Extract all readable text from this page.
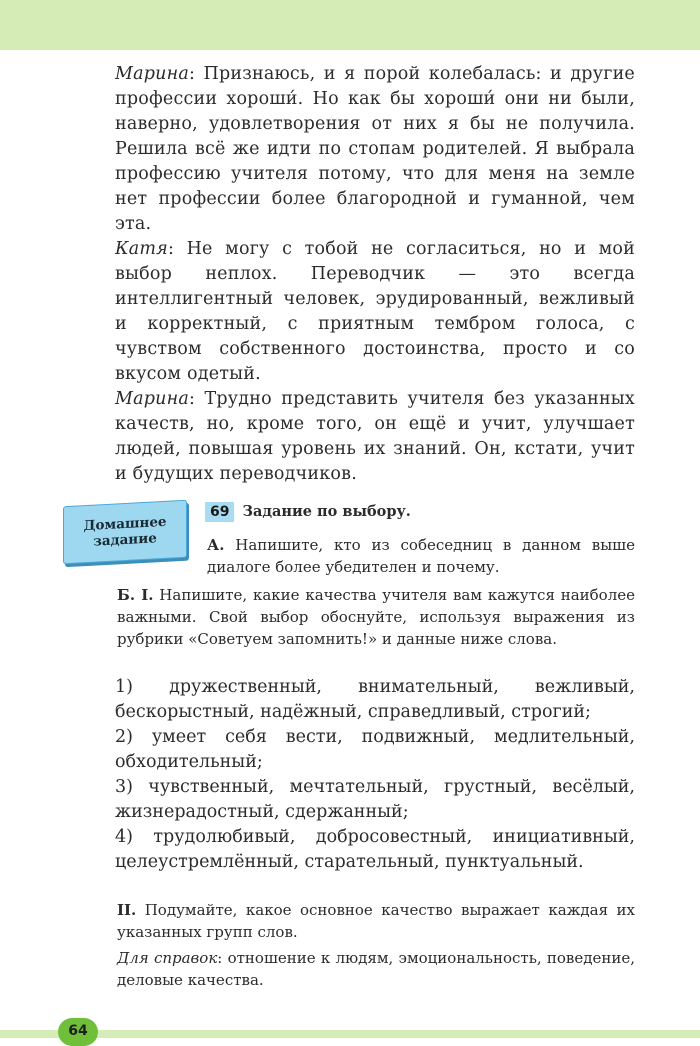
Марина: Признаюсь, и я порой колебалась: и другие профессии хороши́. Но как бы хороши́ они ни были, наверно, удовлетворения от них я бы не получила. Решила всё же идти по стопам родителей. Я выбрала профессию учителя потому, что для меня на земле нет профессии более благородной и гуманной, чем эта.

Катя: Не могу с тобой не согласиться, но и мой выбор неплох. Переводчик — это всегда интеллигентный человек, эрудированный, вежливый и корректный, с приятным тембром голоса, с чувством собственного достоинства, просто и со вкусом одетый.

Марина: Трудно представить учителя без указанных качеств, но, кроме того, он ещё и учит, улучшает людей, повышая уровень их знаний. Он, кстати, учит и будущих переводчиков.

Домашнее
задание
69 Задание по выбору.
А. Напишите, кто из собеседниц в данном выше диалоге более убедителен и почему.
Б. І. Напишите, какие качества учителя вам кажутся наиболее важными. Свой выбор обоснуйте, используя выражения из рубрики «Советуем запомнить!» и данные ниже слова.

1) дружественный, внимательный, вежливый, бескорыстный, надёжный, справедливый, строгий;

2) умеет себя вести, подвижный, медлительный, обходительный;

3) чувственный, мечтательный, грустный, весёлый, жизнерадостный, сдержанный;

4) трудолюбивый, добросовестный, инициативный, целеустремлённый, старательный, пунктуальный.

ІІ. Подумайте, какое основное качество выражает каждая их указанных групп слов.
Для справок: отношение к людям, эмоциональность, поведение, деловые качества.
64
